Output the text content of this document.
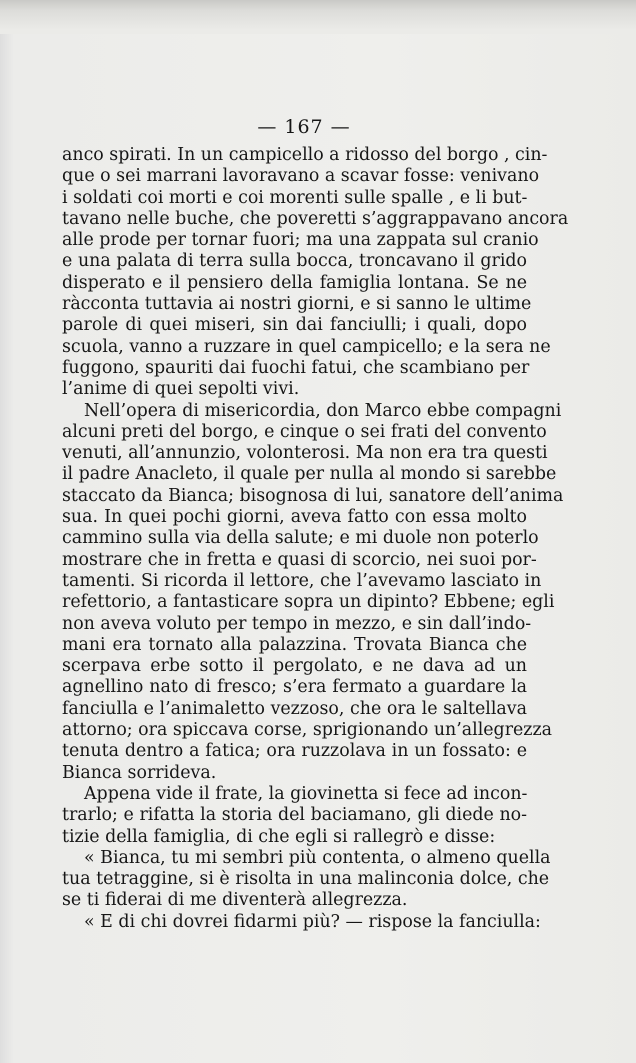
— 167 —
anco spirati. In un campicello a ridosso del borgo , cin-
que o sei marrani lavoravano a scavar fosse: venivano
i soldati coi morti e coi morenti sulle spalle , e li but-
tavano nelle buche, che poveretti s’aggrappavano ancora
alle prode per tornar fuori; ma una zappata sul cranio
e una palata di terra sulla bocca, troncavano il grido
disperato e il pensiero della famiglia lontana. Se ne
ràcconta tuttavia ai nostri giorni, e si sanno le ultime
parole di quei miseri, sin dai fanciulli; i quali, dopo
scuola, vanno a ruzzare in quel campicello; e la sera ne
fuggono, spauriti dai fuochi fatui, che scambiano per
l’anime di quei sepolti vivi.
Nell’opera di misericordia, don Marco ebbe compagni
alcuni preti del borgo, e cinque o sei frati del convento
venuti, all’annunzio, volonterosi. Ma non era tra questi
il padre Anacleto, il quale per nulla al mondo si sarebbe
staccato da Bianca; bisognosa di lui, sanatore dell’anima
sua. In quei pochi giorni, aveva fatto con essa molto
cammino sulla via della salute; e mi duole non poterlo
mostrare che in fretta e quasi di scorcio, nei suoi por-
tamenti. Si ricorda il lettore, che l’avevamo lasciato in
refettorio, a fantasticare sopra un dipinto? Ebbene; egli
non aveva voluto per tempo in mezzo, e sin dall’indo-
mani era tornato alla palazzina. Trovata Bianca che
scerpava erbe sotto il pergolato, e ne dava ad un
agnellino nato di fresco; s’era fermato a guardare la
fanciulla e l’animaletto vezzoso, che ora le saltellava
attorno; ora spiccava corse, sprigionando un’allegrezza
tenuta dentro a fatica; ora ruzzolava in un fossato: e
Bianca sorrideva.
Appena vide il frate, la giovinetta si fece ad incon-
trarlo; e rifatta la storia del baciamano, gli diede no-
tizie della famiglia, di che egli si rallegrò e disse:
« Bianca, tu mi sembri più contenta, o almeno quella
tua tetraggine, si è risolta in una malinconia dolce, che
se ti fiderai di me diventerà allegrezza.
« E di chi dovrei fidarmi più? — rispose la fanciulla:
